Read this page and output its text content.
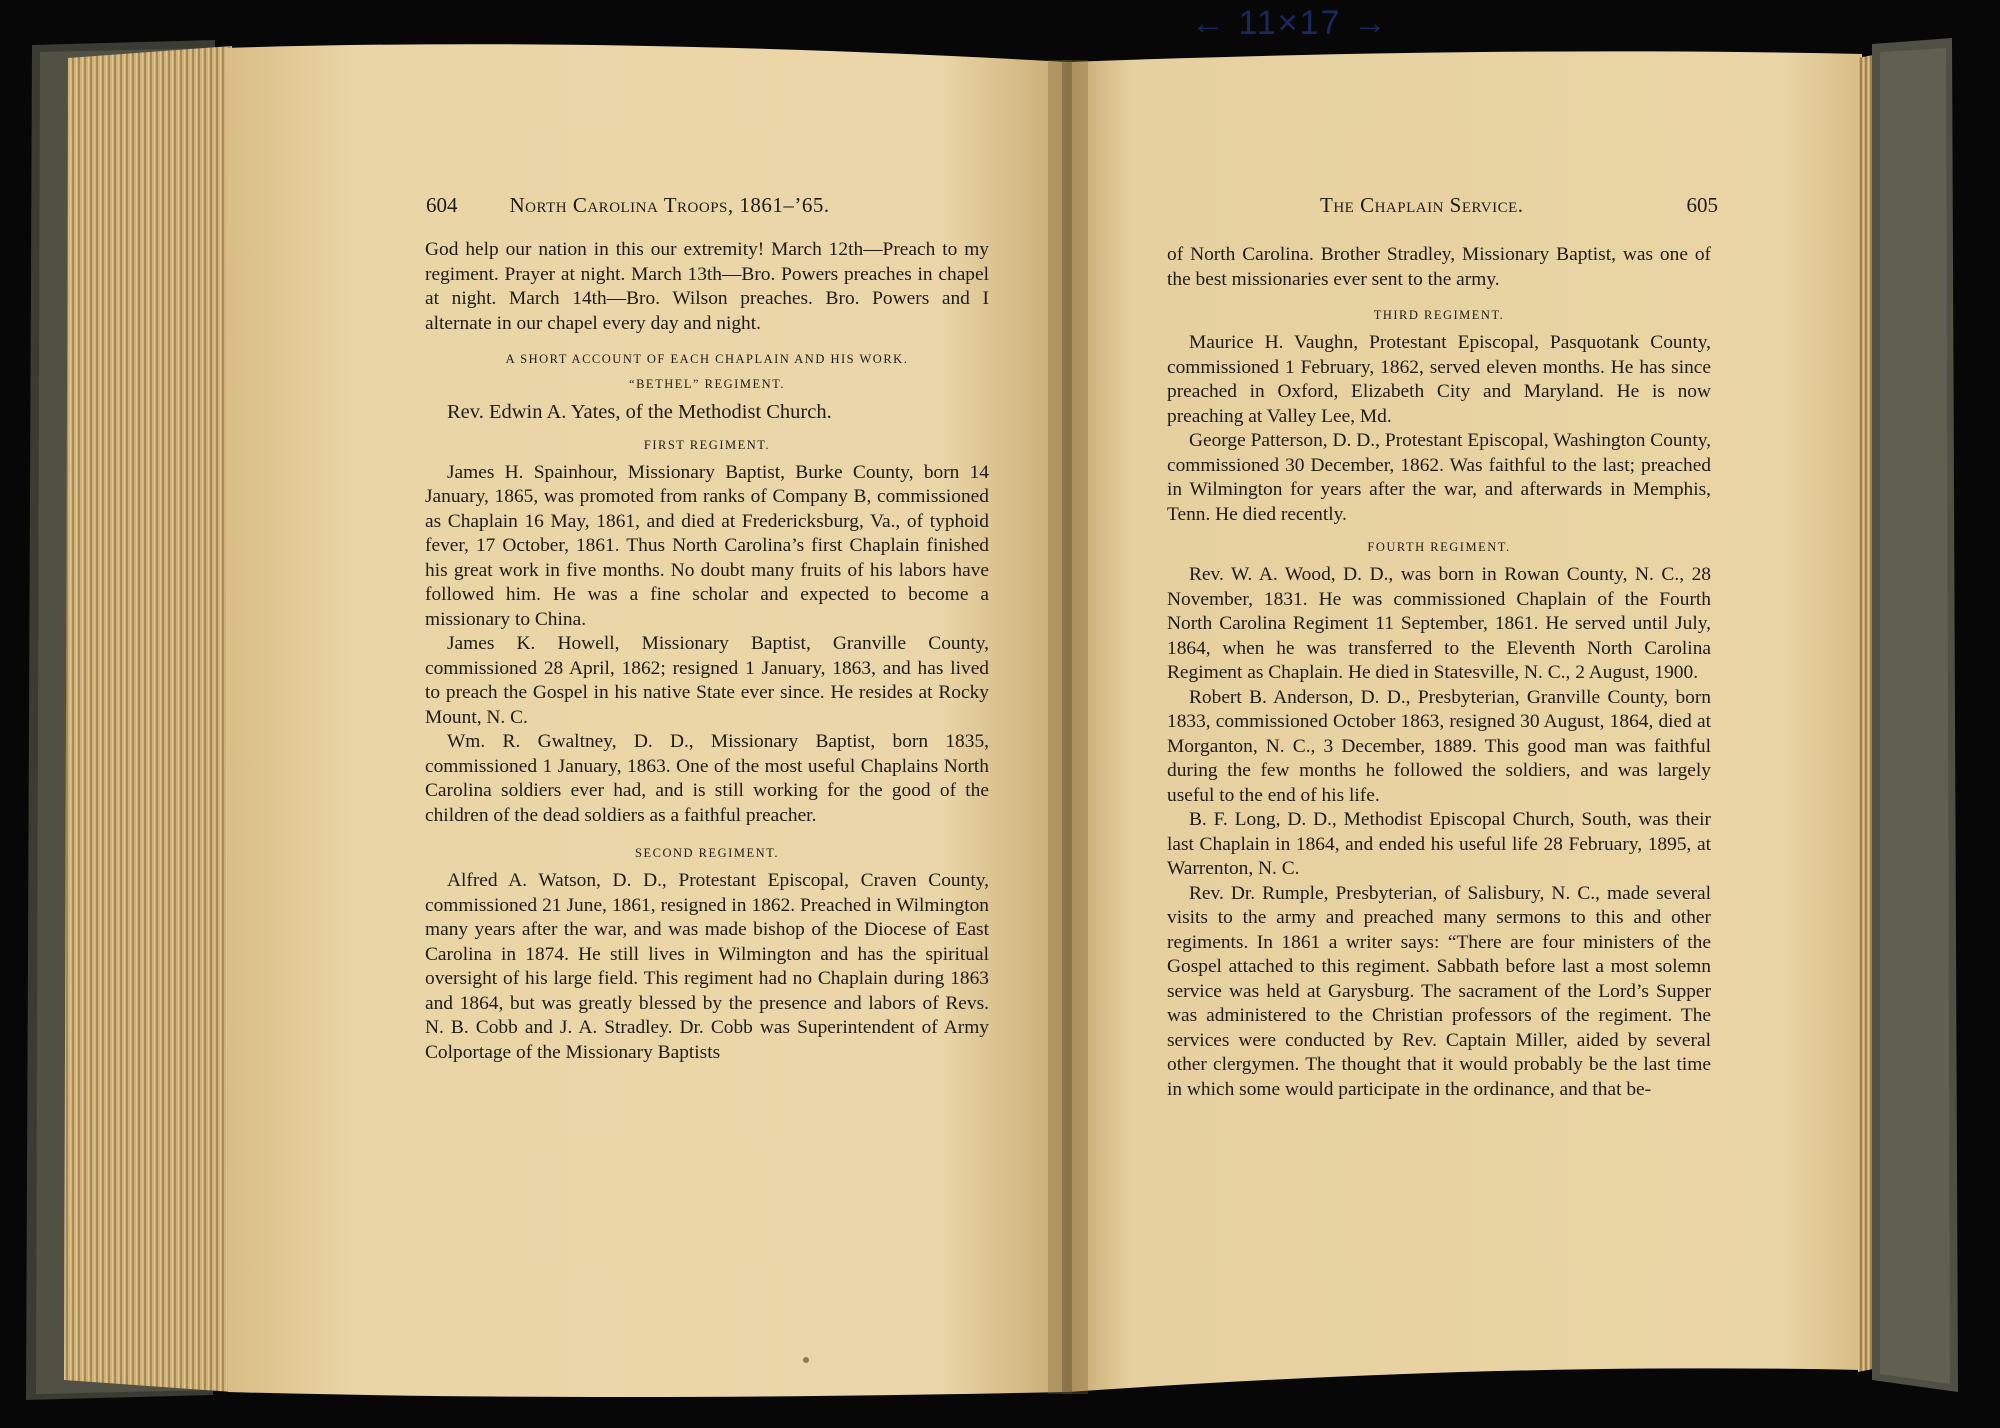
← 11×17 →
604 North Carolina Troops, 1861–’65.

God help our nation in this our extremity! March 12th—Preach to my regiment. Prayer at night. March 13th—Bro. Powers preaches in chapel at night. March 14th—Bro. Wilson preaches. Bro. Powers and I alternate in our chapel every day and night.

A SHORT ACCOUNT OF EACH CHAPLAIN AND HIS WORK.
“BETHEL” REGIMENT.

Rev. Edwin A. Yates, of the Methodist Church.

FIRST REGIMENT.

James H. Spainhour, Missionary Baptist, Burke County, born 14 January, 1865, was promoted from ranks of Company B, commissioned as Chaplain 16 May, 1861, and died at Fredericksburg, Va., of typhoid fever, 17 October, 1861. Thus North Carolina’s first Chaplain finished his great work in five months. No doubt many fruits of his labors have followed him. He was a fine scholar and expected to become a missionary to China.

James K. Howell, Missionary Baptist, Granville County, commissioned 28 April, 1862; resigned 1 January, 1863, and has lived to preach the Gospel in his native State ever since. He resides at Rocky Mount, N. C.

Wm. R. Gwaltney, D. D., Missionary Baptist, born 1835, commissioned 1 January, 1863. One of the most useful Chaplains North Carolina soldiers ever had, and is still working for the good of the children of the dead soldiers as a faithful preacher.

SECOND REGIMENT.

Alfred A. Watson, D. D., Protestant Episcopal, Craven County, commissioned 21 June, 1861, resigned in 1862. Preached in Wilmington many years after the war, and was made bishop of the Diocese of East Carolina in 1874. He still lives in Wilmington and has the spiritual oversight of his large field. This regiment had no Chaplain during 1863 and 1864, but was greatly blessed by the presence and labors of Revs. N. B. Cobb and J. A. Stradley. Dr. Cobb was Superintendent of Army Colportage of the Missionary Baptists

The Chaplain Service.	605

of North Carolina. Brother Stradley, Missionary Baptist, was one of the best missionaries ever sent to the army.

THIRD REGIMENT.

Maurice H. Vaughn, Protestant Episcopal, Pasquotank County, commissioned 1 February, 1862, served eleven months. He has since preached in Oxford, Elizabeth City and Maryland. He is now preaching at Valley Lee, Md.

George Patterson, D. D., Protestant Episcopal, Washington County, commissioned 30 December, 1862. Was faithful to the last; preached in Wilmington for years after the war, and afterwards in Memphis, Tenn. He died recently.

FOURTH REGIMENT.

Rev. W. A. Wood, D. D., was born in Rowan County, N. C., 28 November, 1831. He was commissioned Chaplain of the Fourth North Carolina Regiment 11 September, 1861. He served until July, 1864, when he was transferred to the Eleventh North Carolina Regiment as Chaplain. He died in Statesville, N. C., 2 August, 1900.

Robert B. Anderson, D. D., Presbyterian, Granville County, born 1833, commissioned October 1863, resigned 30 August, 1864, died at Morganton, N. C., 3 December, 1889. This good man was faithful during the few months he followed the soldiers, and was largely useful to the end of his life.

B. F. Long, D. D., Methodist Episcopal Church, South, was their last Chaplain in 1864, and ended his useful life 28 February, 1895, at Warrenton, N. C.

Rev. Dr. Rumple, Presbyterian, of Salisbury, N. C., made several visits to the army and preached many sermons to this and other regiments. In 1861 a writer says: “There are four ministers of the Gospel attached to this regiment. Sabbath before last a most solemn service was held at Garysburg. The sacrament of the Lord’s Supper was administered to the Christian professors of the regiment. The services were conducted by Rev. Captain Miller, aided by several other clergymen. The thought that it would probably be the last time in which some would participate in the ordinance, and that be-
